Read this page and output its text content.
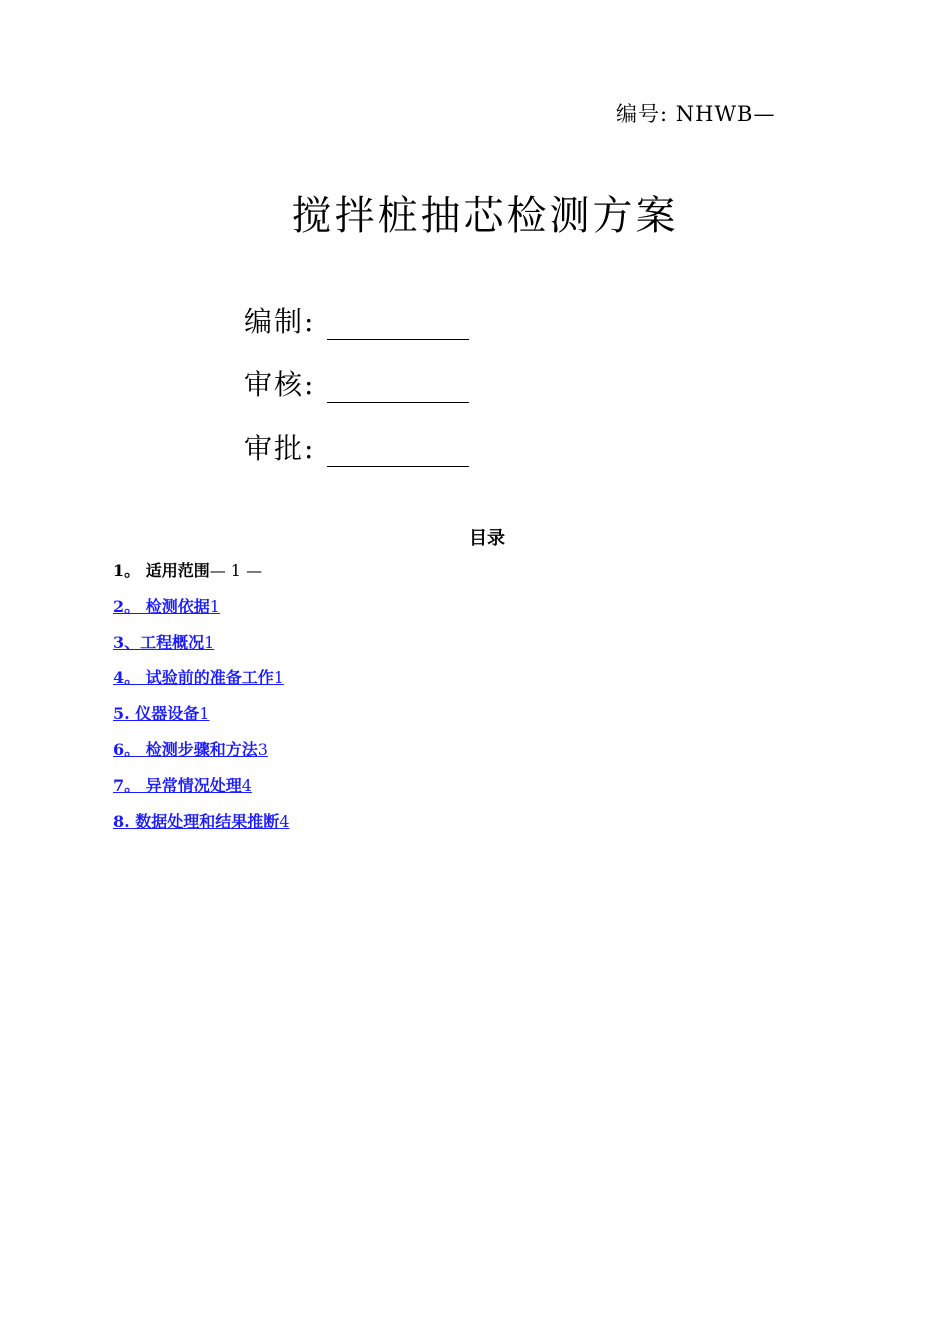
编号: NHWB—
搅拌桩抽芯检测方案
编制:
审核:
审批:
目录
1。 适用范围— 1 —
2。 检测依据1
3、工程概况1
4。 试验前的准备工作1
5. 仪器设备1
6。 检测步骤和方法3
7。 异常情况处理4
8. 数据处理和结果推断4
